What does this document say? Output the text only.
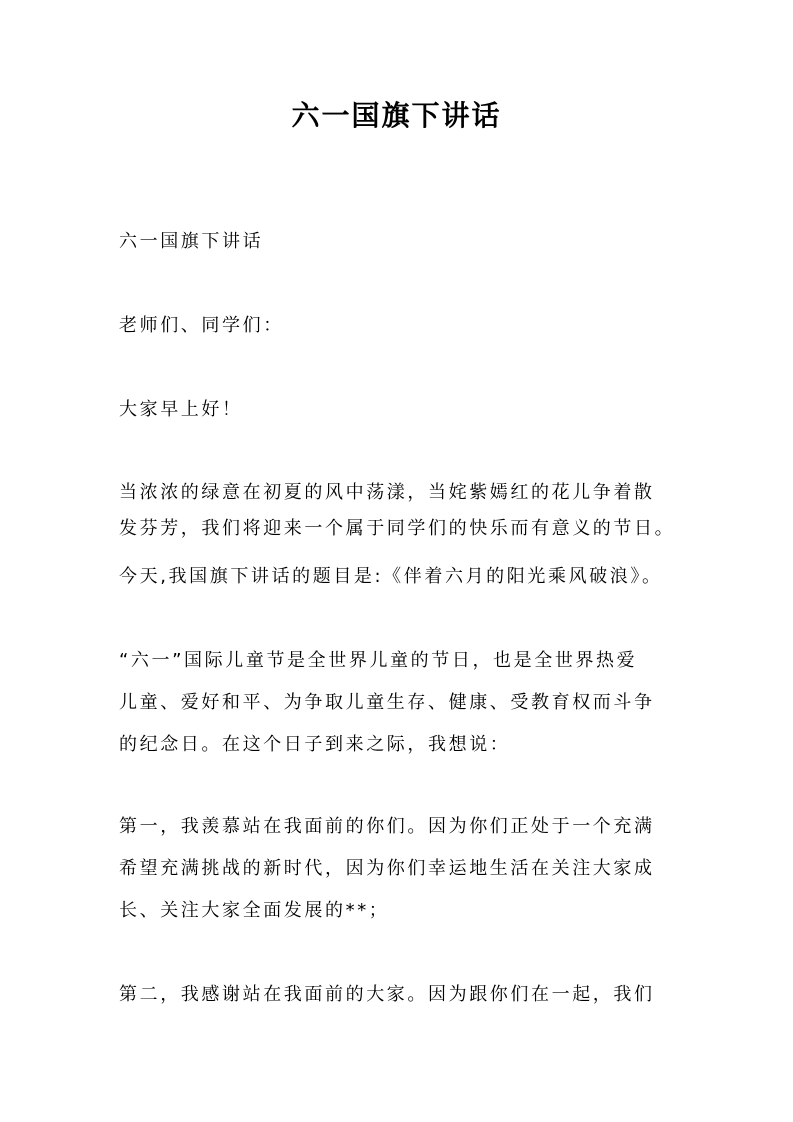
六一国旗下讲话

六一国旗下讲话

老师们、同学们：

大家早上好！

当浓浓的绿意在初夏的风中荡漾，当姹紫嫣红的花儿争着散

发芬芳，我们将迎来一个属于同学们的快乐而有意义的节日。

今天,我国旗下讲话的题目是:《伴着六月的阳光乘风破浪》。

“六一”国际儿童节是全世界儿童的节日，也是全世界热爱

儿童、爱好和平、为争取儿童生存、健康、受教育权而斗争

的纪念日。在这个日子到来之际，我想说：

第一，我羡慕站在我面前的你们。因为你们正处于一个充满

希望充满挑战的新时代，因为你们幸运地生活在关注大家成

长、关注大家全面发展的**；

第二，我感谢站在我面前的大家。因为跟你们在一起，我们
